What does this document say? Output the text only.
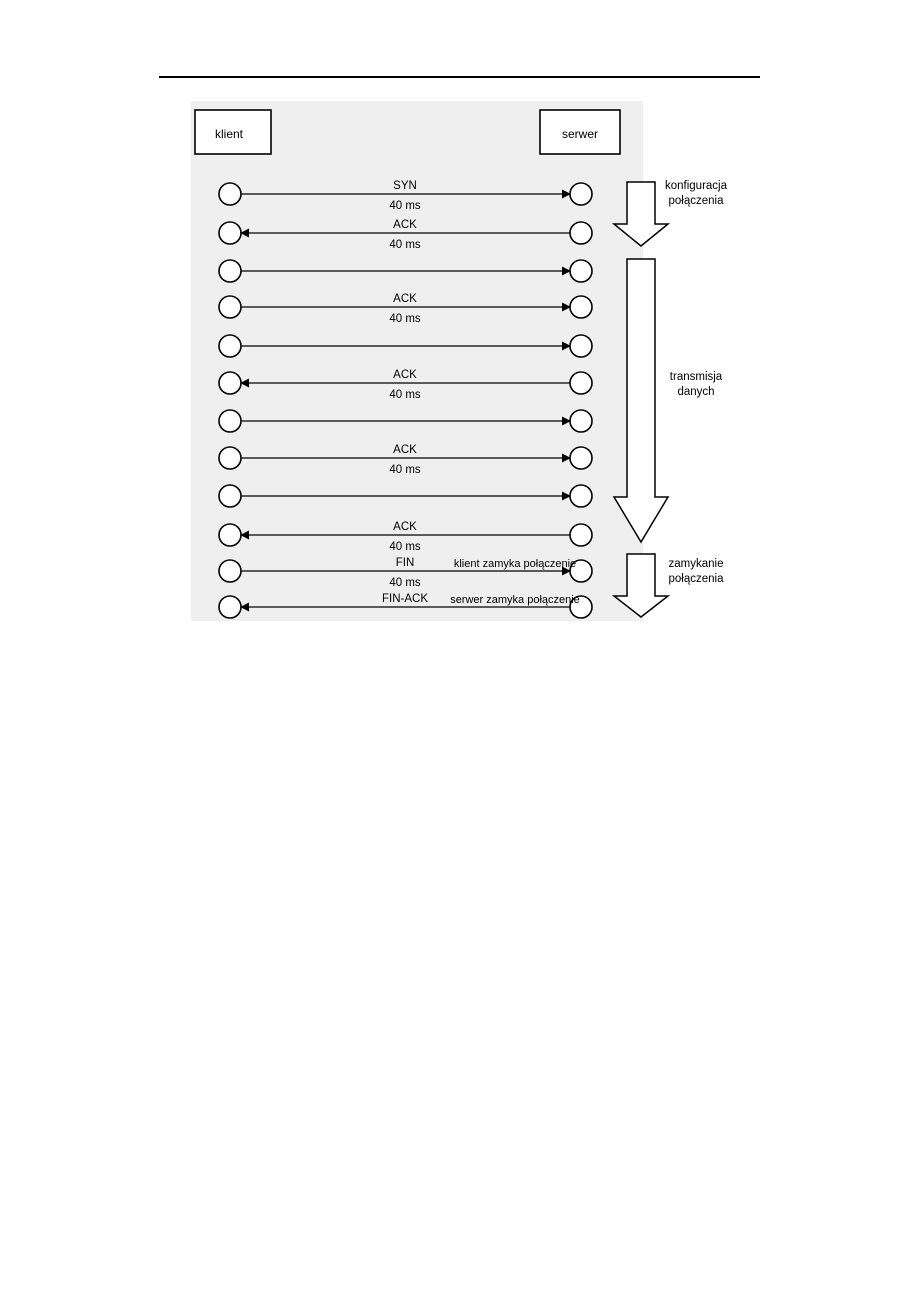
klient	serwer
SYN
40 ms
ACK
40 ms
ACK
40 ms
ACK
40 ms
ACK
40 ms
ACK
40 ms
FIN
40 ms
klient zamyka połączenie
FIN-ACK serwer zamyka połączenie
konfiguracja
połączenia
transmisja
danych
zamykanie
połączenia
